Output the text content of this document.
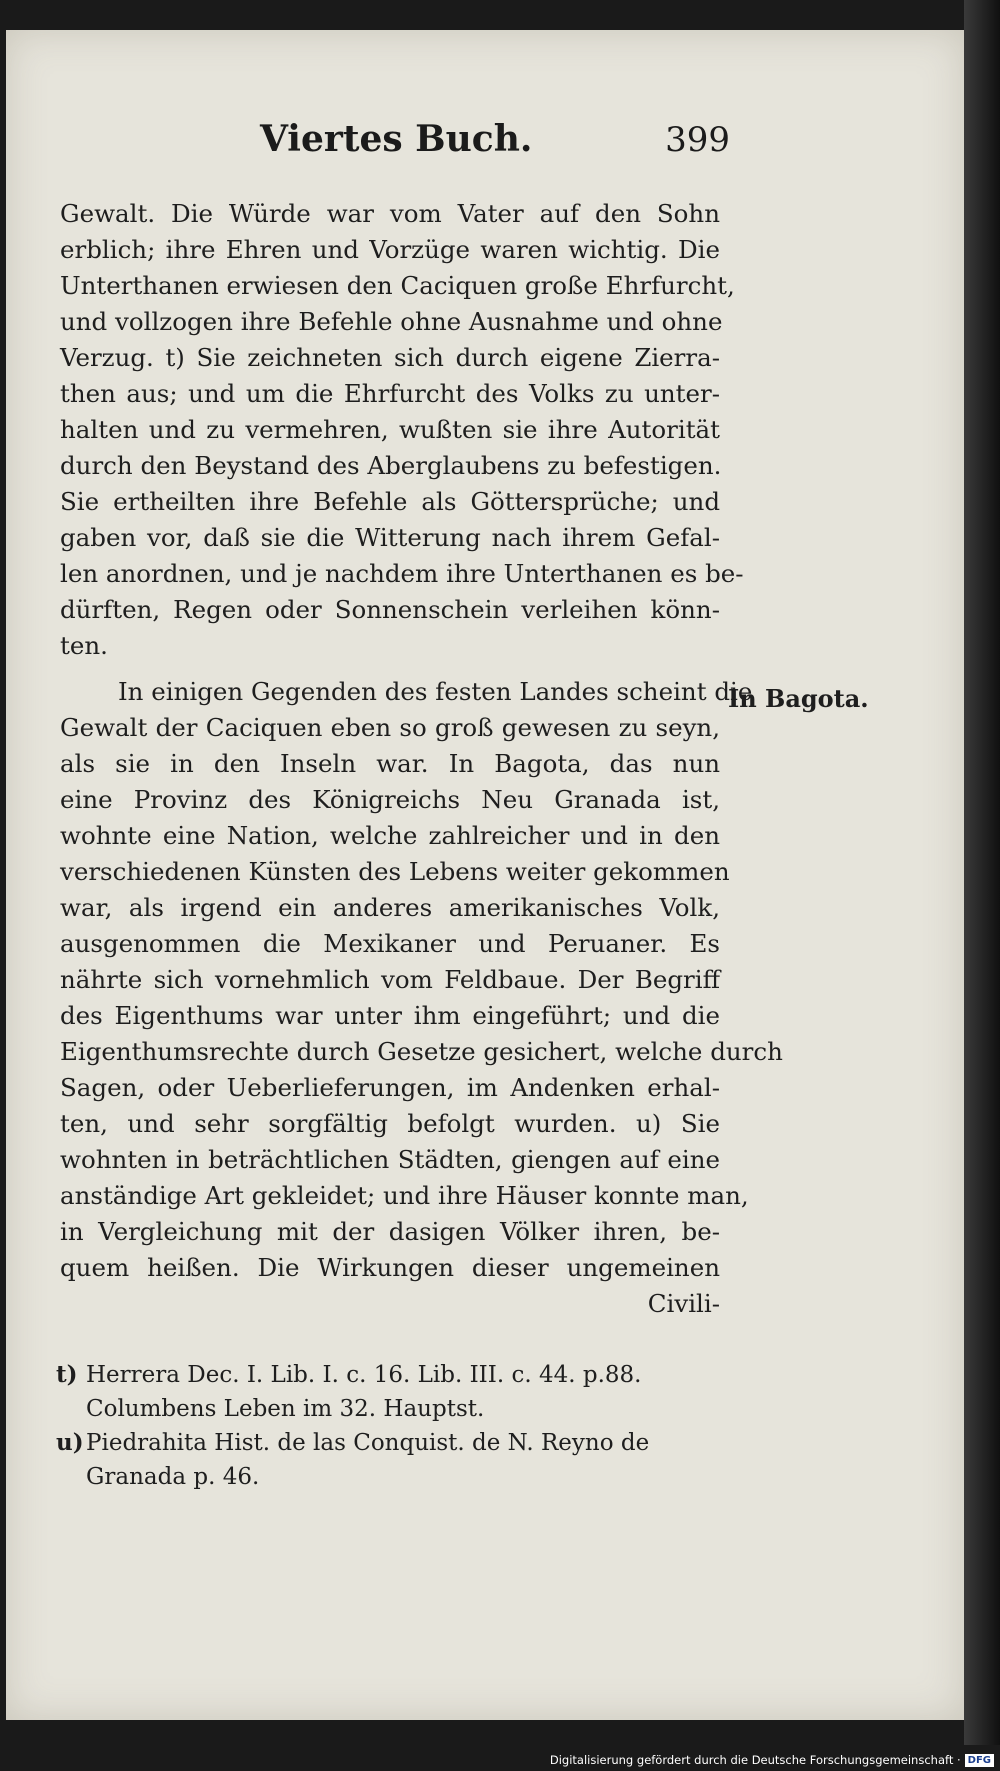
Viertes Buch.	399
Gewalt. Die Würde war vom Vater auf den Sohn
erblich; ihre Ehren und Vorzüge waren wichtig. Die
Unterthanen erwiesen den Caciquen große Ehrfurcht,
und vollzogen ihre Befehle ohne Ausnahme und ohne
Verzug. t) Sie zeichneten sich durch eigene Zierra-
then aus; und um die Ehrfurcht des Volks zu unter-
halten und zu vermehren, wußten sie ihre Autorität
durch den Beystand des Aberglaubens zu befestigen.
Sie ertheilten ihre Befehle als Göttersprüche; und
gaben vor, daß sie die Witterung nach ihrem Gefal-
len anordnen, und je nachdem ihre Unterthanen es be-
dürften, Regen oder Sonnenschein verleihen könn-
ten.
In einigen Gegenden des festen Landes scheint die
Gewalt der Caciquen eben so groß gewesen zu seyn,
als sie in den Inseln war. In Bagota, das nun
eine Provinz des Königreichs Neu Granada ist,
wohnte eine Nation, welche zahlreicher und in den
verschiedenen Künsten des Lebens weiter gekommen
war, als irgend ein anderes amerikanisches Volk,
ausgenommen die Mexikaner und Peruaner. Es
nährte sich vornehmlich vom Feldbaue. Der Begriff
des Eigenthums war unter ihm eingeführt; und die
Eigenthumsrechte durch Gesetze gesichert, welche durch
Sagen, oder Ueberlieferungen, im Andenken erhal-
ten, und sehr sorgfältig befolgt wurden. u) Sie
wohnten in beträchtlichen Städten, giengen auf eine
anständige Art gekleidet; und ihre Häuser konnte man,
in Vergleichung mit der dasigen Völker ihren, be-
quem heißen. Die Wirkungen dieser ungemeinen
Civili-
In Bagota.
t) Herrera Dec. I. Lib. I. c. 16. Lib. III. c. 44. p.88.
Columbens Leben im 32. Hauptst.
u) Piedrahita Hist. de las Conquist. de N. Reyno de
Granada p. 46.
Digitalisierung gefördert durch die Deutsche Forschungsgemeinschaft · DFG
